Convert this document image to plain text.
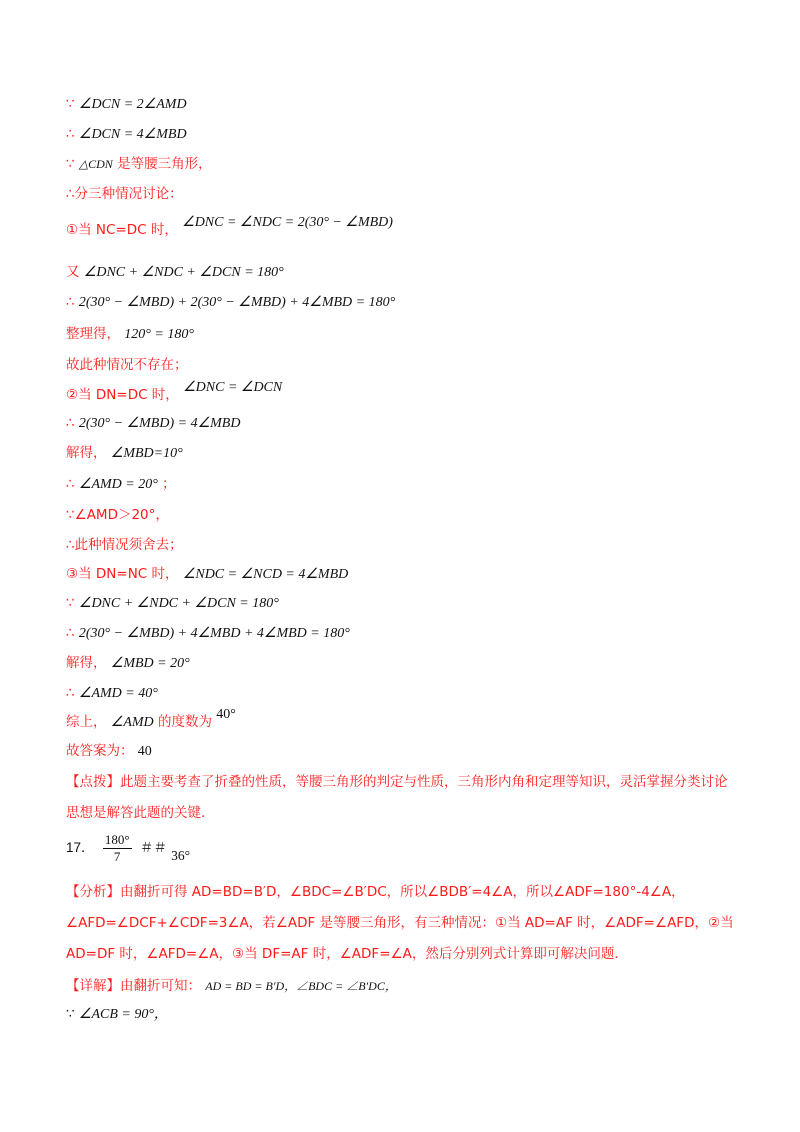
∵ ∠DCN = 2∠AMD
∴ ∠DCN = 4∠MBD
∵ △CDN 是等腰三角形，
∴分三种情况讨论：
①当 NC=DC 时， ∠DNC = ∠NDC = 2(30° − ∠MBD)
又 ∠DNC + ∠NDC + ∠DCN = 180°
∴ 2(30° − ∠MBD) + 2(30° − ∠MBD) + 4∠MBD = 180°
整理得， 120° = 180°
故此种情况不存在；
②当 DN=DC 时， ∠DNC = ∠DCN
∴ 2(30° − ∠MBD) = 4∠MBD
解得， ∠MBD=10°
∴ ∠AMD = 20° ；
∵∠AMD＞20°，
∴此种情况须舍去；
③当 DN=NC 时， ∠NDC = ∠NCD = 4∠MBD
∵ ∠DNC + ∠NDC + ∠DCN = 180°
∴ 2(30° − ∠MBD) + 4∠MBD + 4∠MBD = 180°
解得， ∠MBD = 20°
∴ ∠AMD = 40°
综上， ∠AMD 的度数为 40°
故答案为： 40
【点拨】此题主要考查了折叠的性质，等腰三角形的判定与性质，三角形内角和定理等知识，灵活掌握分类讨论思想是解答此题的关键．
17． $\frac{180^\circ}{7}$ ＃＃ 36°
【分析】由翻折可得 AD=BD=B′D，∠BDC=∠B′DC，所以∠BDB′=4∠A，所以∠ADF=180°-4∠A，∠AFD=∠DCF+∠CDF=3∠A，若∠ADF 是等腰三角形，有三种情况：①当 AD=AF 时，∠ADF=∠AFD，②当 AD=DF 时，∠AFD=∠A，③当 DF=AF 时，∠ADF=∠A，然后分别列式计算即可解决问题．
【详解】由翻折可知： AD = BD = B′D，∠BDC = ∠B′DC，
∵ ∠ACB = 90°，
